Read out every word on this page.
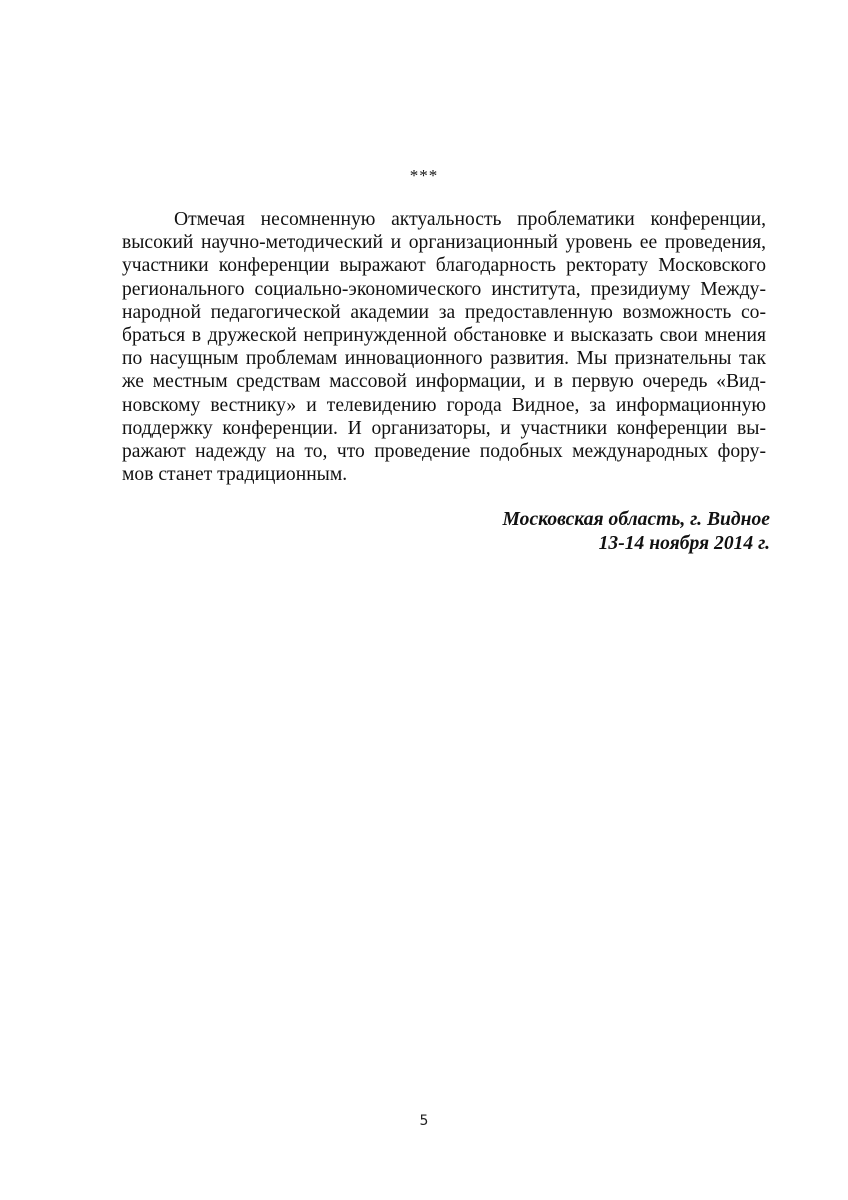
***
Отмечая несомненную актуальность проблематики конференции,
высокий научно-методический и организационный уровень ее проведения,
участники конференции выражают благодарность ректорату Московского
регионального социально-экономического института, президиуму Между-
народной педагогической академии за предоставленную возможность со-
браться в дружеской непринужденной обстановке и высказать свои мнения
по насущным проблемам инновационного развития. Мы признательны так
же местным средствам массовой информации, и в первую очередь «Вид-
новскому вестнику» и телевидению города Видное, за информационную
поддержку конференции. И организаторы, и участники конференции вы-
ражают надежду на то, что проведение подобных международных фору-
мов станет традиционным.
Московская область, г. Видное
13-14 ноября 2014 г.
5
